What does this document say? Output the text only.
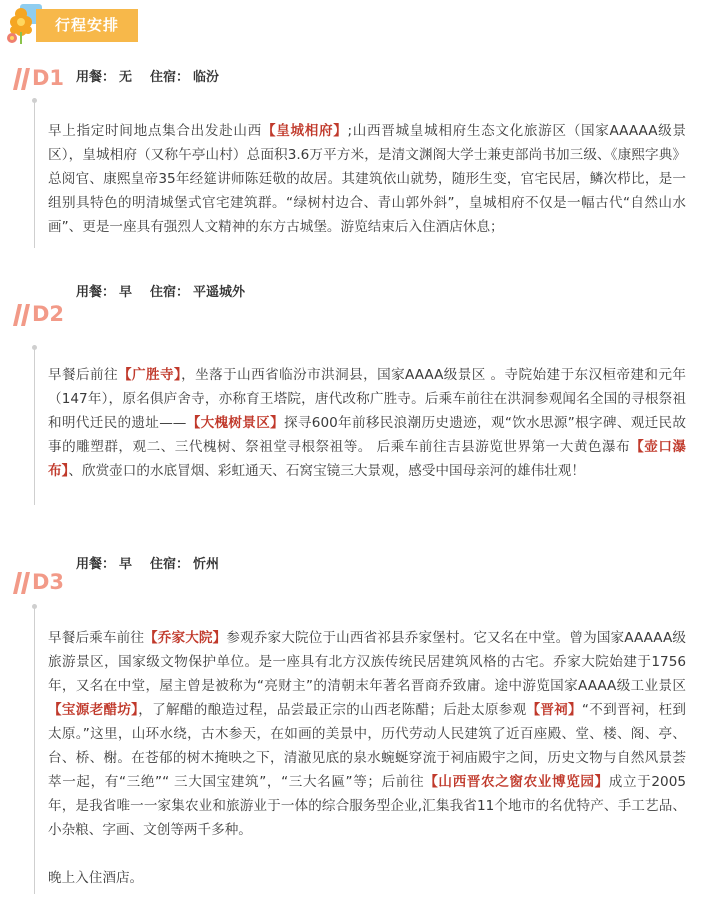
行程安排
D1 用餐： 无 住宿： 临汾

早上指定时间地点集合出发赴山西【皇城相府】;山西晋城皇城相府生态文化旅游区（国家AAAAA级景区），皇城相府（又称午亭山村）总面积3.6万平方米，是清文渊阁大学士兼吏部尚书加三级、《康熙字典》总阅官、康熙皇帝35年经筵讲师陈廷敬的故居。其建筑依山就势，随形生变，官宅民居，鳞次栉比，是一组别具特色的明清城堡式官宅建筑群。“绿树村边合、青山郭外斜”，皇城相府不仅是一幅古代“自然山水画”、更是一座具有强烈人文精神的东方古城堡。游览结束后入住酒店休息；

D2
用餐： 早 住宿： 平遥城外

早餐后前往【广胜寺】，坐落于山西省临汾市洪洞县，国家AAAA级景区 。寺院始建于东汉桓帝建和元年（147年），原名俱庐舍寺，亦称育王塔院，唐代改称广胜寺。后乘车前往在洪洞参观闻名全国的寻根祭祖和明代迁民的遗址——【大槐树景区】探寻600年前移民浪潮历史遗迹，观“饮水思源”根字碑、观迁民故事的雕塑群，观二、三代槐树、祭祖堂寻根祭祖等。 后乘车前往吉县游览世界第一大黄色瀑布【壶口瀑布】、欣赏壶口的水底冒烟、彩虹通天、石窝宝镜三大景观，感受中国母亲河的雄伟壮观！

D3
用餐： 早 住宿： 忻州

早餐后乘车前往【乔家大院】参观乔家大院位于山西省祁县乔家堡村。它又名在中堂。曾为国家AAAAA级旅游景区，国家级文物保护单位。是一座具有北方汉族传统民居建筑风格的古宅。乔家大院始建于1756年，又名在中堂，屋主曾是被称为“亮财主”的清朝末年著名晋商乔致庸。途中游览国家AAAA级工业景区【宝源老醋坊】，了解醋的酿造过程，品尝最正宗的山西老陈醋；后赴太原参观【晋祠】“不到晋祠，枉到太原。”这里，山环水绕，古木参天，在如画的美景中，历代劳动人民建筑了近百座殿、堂、楼、阁、亭、台、桥、榭。在苍郁的树木掩映之下，清澈见底的泉水蜿蜒穿流于祠庙殿宇之间，历史文物与自然风景荟萃一起，有“三绝”“ 三大国宝建筑”，“三大名匾”等；后前往【山西晋农之窗农业博览园】成立于2005年，是我省唯一一家集农业和旅游业于一体的综合服务型企业,汇集我省11个地市的名优特产、手工艺品、小杂粮、字画、文创等两千多种。

晚上入住酒店。
